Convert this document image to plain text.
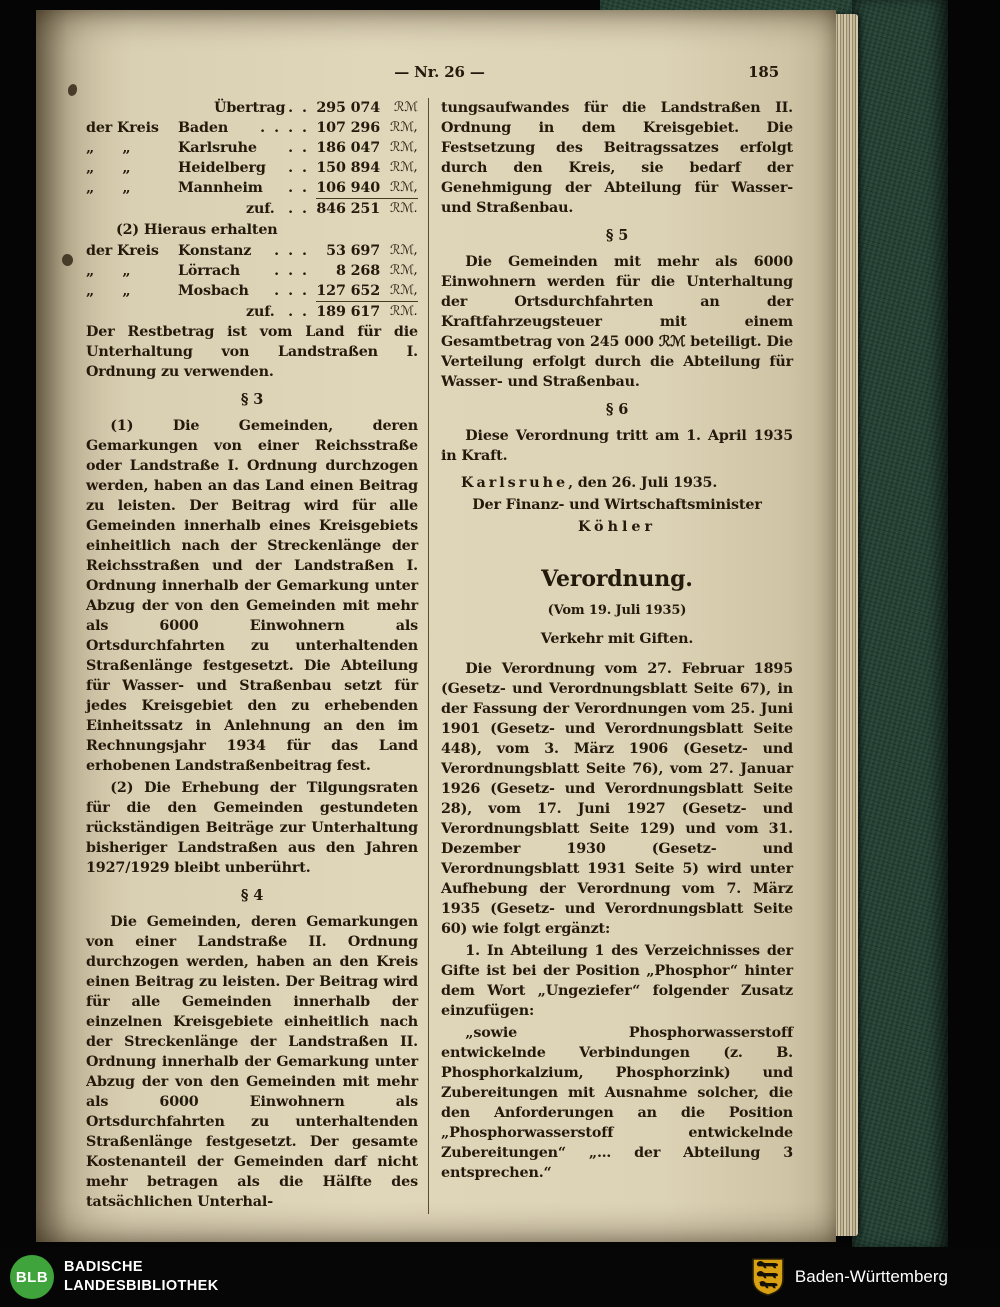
— Nr. 26 —	185
Übertrag . . 295 074	ℛℳ
der Kreis	Baden	. . . . 107 296 ℛℳ,
„  „	Karlsruhe	. . 186 047 ℛℳ,
„  „	Heidelberg	. . 150 894 ℛℳ,
„  „	Mannheim	. . 106 940 ℛℳ,
zuf. . . 846 251 ℛℳ.
(2) Hieraus erhalten
der Kreis	Konstanz	. . .	53 697 ℛℳ,
„  „	Lörrach	. . .	8 268 ℛℳ,
„  „	Mosbach	. . . 127 652 ℛℳ,
zuf. . . 189 617 ℛℳ.

Der Restbetrag ist vom Land für die Unterhaltung von Landstraßen I. Ordnung zu verwenden.

§ 3

(1) Die Gemeinden, deren Gemarkungen von einer Reichsstraße oder Landstraße I. Ordnung durchzogen werden, haben an das Land einen Beitrag zu leisten. Der Beitrag wird für alle Gemeinden innerhalb eines Kreisgebiets einheitlich nach der Streckenlänge der Reichsstraßen und der Landstraßen I. Ordnung innerhalb der Gemarkung unter Abzug der von den Gemeinden mit mehr als 6000 Einwohnern als Ortsdurchfahrten zu unterhaltenden Straßenlänge festgesetzt. Die Abteilung für Wasser- und Straßenbau setzt für jedes Kreisgebiet den zu erhebenden Einheitssatz in Anlehnung an den im Rechnungsjahr 1934 für das Land erhobenen Landstraßenbeitrag fest.

(2) Die Erhebung der Tilgungsraten für die den Gemeinden gestundeten rückständigen Beiträge zur Unterhaltung bisheriger Landstraßen aus den Jahren 1927/1929 bleibt unberührt.

§ 4

Die Gemeinden, deren Gemarkungen von einer Landstraße II. Ordnung durchzogen werden, haben an den Kreis einen Beitrag zu leisten. Der Beitrag wird für alle Gemeinden innerhalb der einzelnen Kreisgebiete einheitlich nach der Streckenlänge der Landstraßen II. Ordnung innerhalb der Gemarkung unter Abzug der von den Gemeinden mit mehr als 6000 Einwohnern als Ortsdurchfahrten zu unterhaltenden Straßenlänge festgesetzt. Der gesamte Kostenanteil der Gemeinden darf nicht mehr betragen als die Hälfte des tatsächlichen Unterhal-

tungsaufwandes für die Landstraßen II. Ordnung in dem Kreisgebiet. Die Festsetzung des Beitragssatzes erfolgt durch den Kreis, sie bedarf der Genehmigung der Abteilung für Wasser- und Straßenbau.

§ 5

Die Gemeinden mit mehr als 6000 Einwohnern werden für die Unterhaltung der Ortsdurchfahrten an der Kraftfahrzeugsteuer mit einem Gesamtbetrag von 245 000 ℛℳ beteiligt. Die Verteilung erfolgt durch die Abteilung für Wasser- und Straßenbau.

§ 6

Diese Verordnung tritt am 1. April 1935 in Kraft.

Karlsruhe, den 26. Juli 1935.

Der Finanz- und Wirtschaftsminister

Köhler

Verordnung.

(Vom 19. Juli 1935)

Verkehr mit Giften.

Die Verordnung vom 27. Februar 1895 (Gesetz- und Verordnungsblatt Seite 67), in der Fassung der Verordnungen vom 25. Juni 1901 (Gesetz- und Verordnungsblatt Seite 448), vom 3. März 1906 (Gesetz- und Verordnungsblatt Seite 76), vom 27. Januar 1926 (Gesetz- und Verordnungsblatt Seite 28), vom 17. Juni 1927 (Gesetz- und Verordnungsblatt Seite 129) und vom 31. Dezember 1930 (Gesetz- und Verordnungsblatt 1931 Seite 5) wird unter Aufhebung der Verordnung vom 7. März 1935 (Gesetz- und Verordnungsblatt Seite 60) wie folgt ergänzt:

1. In Abteilung 1 des Verzeichnisses der Gifte ist bei der Position „Phosphor“ hinter dem Wort „Ungeziefer“ folgender Zusatz einzufügen:

„sowie Phosphorwasserstoff entwickelnde Verbindungen (z. B. Phosphorkalzium, Phosphorzink) und Zubereitungen mit Ausnahme solcher, die den Anforderungen an die Position „Phosphorwasserstoff entwickelnde Zubereitungen“ „… der Abteilung 3 entsprechen.“

BLB
BADISCHE
LANDESBIBLIOTHEK	Baden-Württemberg
